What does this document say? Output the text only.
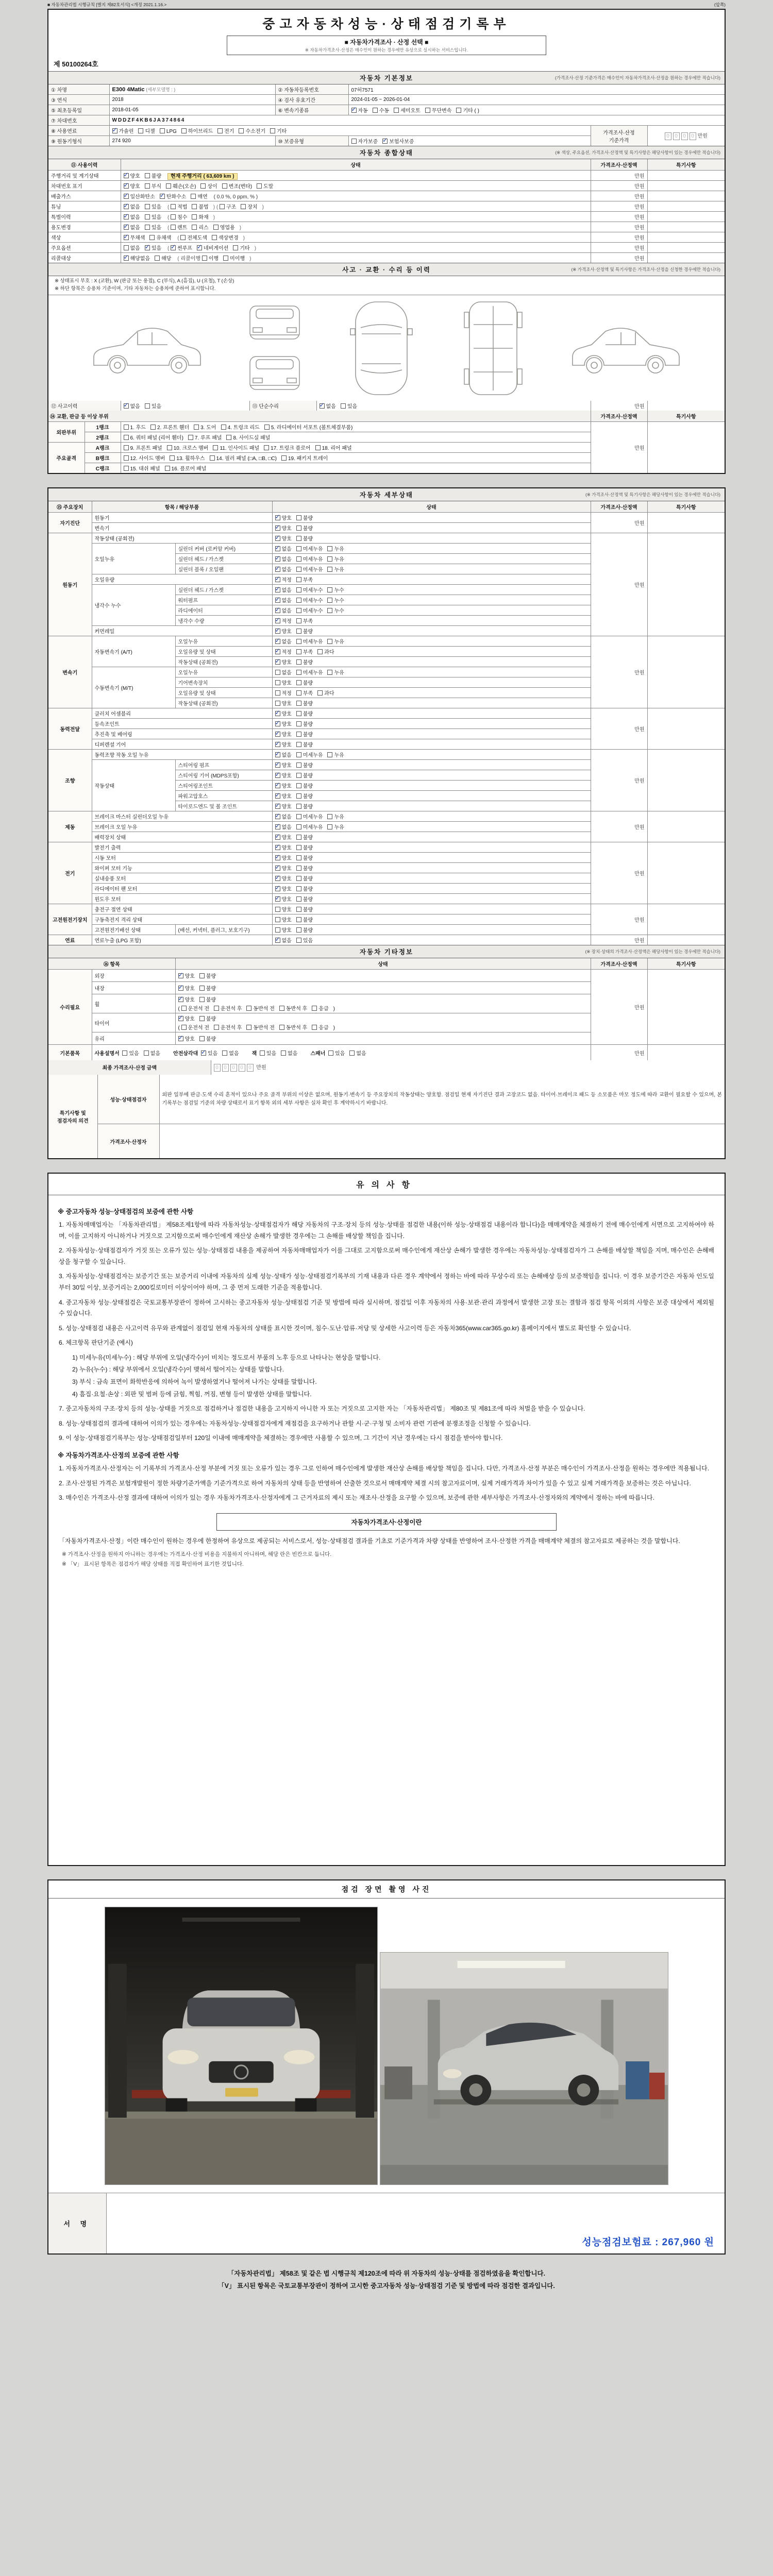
■ 자동차관리법 시행규칙 [별지 제82호서식] <개정 2021.1.16.>	(앞쪽)
중고자동차성능·상태점검기록부
■ 자동차가격조사 · 산정 선택 ■
※ 자동차가격조사·산정은 매수인이 원하는 경우에만 유상으로 실시하는 서비스입니다.
제 50100264호
자동차 기본정보	(가격조사·산정 기준가격은 매수인이 자동차가격조사·산정을 원하는 경우에만 적습니다)
① 차명	E300 4Matic (세부모델명 : )	② 자동차등록번호	07허7571		
③ 연식	2018	④ 검사 유효기간	2024-01-05 ~ 2026-01-04		
⑤ 최초등록일	2018-01-05	⑥ 변속기종류	✓자동 수동 세미오토 무단변속 기타 ( )
⑦ 차대번호	WDDZF4KB6JA374864				
⑧ 사용연료	✓가솔린 디젤 LPG 하이브리드 전기 수소전기 기타			가격조사·산정
기준가격	0 0 0 0 만원
⑨ 원동기형식	274 920	⑩ 보증유형	자가보증 ✓ 보험사보증
자동차 종합상태	(※ 색상, 주요옵션, 가격조사·산정액 및 특기사항은 해당사항이 있는 경우에만 적습니다)
⑪ 사용이력	상태	가격조사·산정액	특기사항
주행거리 및 계기상태	✓양호 불량 현재 주행거리 ( 63,609 km )	만원	
차대번호 표기	✓양호 부식 훼손(오손) 상이 변조(변타) 도말	만원	
배출가스	✓일산화탄소 ✓ 탄화수소 매연 ( 0.0 %, 0 ppm, % )	만원	
튜닝	✓없음 있음 ( 적법 불법 ) ( 구조 장치 )	만원	
특별이력	✓없음 있음 ( 침수 화재 )	만원	
용도변경	✓없음 있음 ( 렌트 리스 영업용 )	만원	
색상	✓무채색 유채색 ( 전체도색 색상변경 )	만원	
주요옵션	없음 ✓ 있음 ( ✓ 썬루프 ✓ 네비게이션 기타 )	만원	
리콜대상	✓해당없음 해당 ( 리콜이행 이행 미이행 )	만원	
사고 · 교환 · 수리 등 이력	(※ 가격조사·산정액 및 특기사항은 가격조사·산정을 신청한 경우에만 적습니다)
※ 상태표시 부호 : X (교환), W (판금 또는 용접), C (부식), A (흠집), U (요철), T (손상)
※ 하단 항목은 승용차 기준이며, 기타 자동차는 승용차에 준하여 표시합니다.
⑫ 사고이력	✓없음 있음	⑬ 단순수리	✓없음 있음	만원	
⑭ 교환, 판금 등 이상 부위			가격조사·산정액	특기사항
외판부위	1랭크	1. 후드 2. 프론트 휀더 3. 도어 4. 트렁크 리드 5. 라디에이터 서포트 (볼트체결부품)	만원	
	2랭크	6. 쿼터 패널 (리어 휀더) 7. 루프 패널 8. 사이드실 패널		
주요골격	A랭크	9. 프론트 패널 10. 크로스 멤버 11. 인사이드 패널 17. 트렁크 플로어 18. 리어 패널		
	B랭크	12. 사이드 멤버 13. 휠하우스 14. 필러 패널 (□A, □B, □C) 19. 패키지 트레이		
	C랭크	15. 대쉬 패널 16. 플로어 패널		
자동차 세부상태	(※ 가격조사·산정액 및 특기사항은 해당사항이 있는 경우에만 적습니다)
⑮ 주요장치	항목 / 해당부품		상태	가격조사·산정액	특기사항
자기진단	원동기	✓양호 불량	만원	
	변속기	✓양호 불량
원동기	작동상태 (공회전)	✓양호 불량	만원	
	오일누유	실린더 커버 (로커암 커버)	✓없음 미세누유 누유
		실린더 헤드 / 가스켓	✓없음 미세누유 누유
		실린더 블록 / 오일팬	✓없음 미세누유 누유
	오일유량	✓적정 부족
	냉각수 누수	실린더 헤드 / 가스켓	✓없음 미세누수 누수
		워터펌프	✓없음 미세누수 누수
		라디에이터	✓없음 미세누수 누수
		냉각수 수량	✓적정 부족
	커먼레일	✓양호 불량
변속기	자동변속기 (A/T)	오일누유	✓없음 미세누유 누유	만원	
		오일유량 및 상태	✓적정 부족 과다
		작동상태 (공회전)	✓양호 불량
	수동변속기 (M/T)	오일누유	없음 미세누유 누유		
		기어변속장치	양호 불량		
		오일유량 및 상태	적정 부족 과다		
		작동상태 (공회전)	양호 불량		
동력전달	클러치 어셈블리	✓양호 불량	만원	
	등속조인트	✓양호 불량
	추진축 및 베어링	✓양호 불량
	디퍼렌셜 기어	✓양호 불량
조향	동력조향 작동 오일 누유	✓없음 미세누유 누유	만원	
	작동상태	스티어링 펌프	✓양호 불량
		스티어링 기어 (MDPS포함)	✓양호 불량
		스티어링조인트	✓양호 불량
		파워고압호스	✓양호 불량
		타이로드엔드 및 볼 조인트	✓양호 불량
제동	브레이크 마스터 실린더오일 누유	✓없음 미세누유 누유	만원	
	브레이크 오일 누유	✓없음 미세누유 누유
	배력장치 상태	✓양호 불량
전기	발전기 출력	✓양호 불량	만원	
	시동 모터	✓양호 불량
	와이퍼 모터 기능	✓양호 불량
	실내송풍 모터	✓양호 불량
	라디에이터 팬 모터	✓양호 불량
	윈도우 모터	✓양호 불량
고전원전기장치	충전구 절연 상태		양호 불량	만원	
	구동축전지 격리 상태		양호 불량		
	고전원전기배선 상태	(배선, 커넥터, 플러그, 보호기구)	양호 불량		
연료	연료누출 (LPG 포함)	✓없음 있음	만원	
자동차 기타정보	(※ 장치·상태의 가격조사·산정액은 해당사항이 있는 경우에만 적습니다)
⑯ 항목		상태	가격조사·산정액	특기사항
수리필요	외장	✓양호 불량	만원	
	내장	✓양호 불량
	휠	✓양호 불량
( 운전석 전 운전석 후 동반석 전 동반석 후 응급 )

	타이어	✓양호 불량
( 운전석 전 운전석 후 동반석 전 동반석 후 응급 )

	유리	✓양호 불량
기본품목	사용설명서 있음 없음 안전삼각대 ✓ 있음 없음 잭 있음 없음 스패너 있음 없음		만원	
최종 가격조사·산정 금액	0 0 0 0 0 만원
특기사항 및 점검자의 의견	성능·상태점검자	외판 일부에 판금·도색 수리 흔적이 있으나 주요 골격 부위의 이상은 없으며, 원동기·변속기 등 주요장치의 작동상태는 양호함. 점검일 현재 자기진단 결과 고장코드 없음. 타이어·브레이크 패드 등 소모품은 마모 정도에 따라 교환이 필요할 수 있으며, 본 기록부는 점검일 기준의 차량 상태로서 표기 항목 외의 세부 사항은 실차 확인 후 계약하시기 바랍니다.
	가격조사·산정자	
유의사항
※ 중고자동차 성능·상태점검의 보증에 관한 사항
1. 자동차매매업자는 「자동차관리법」 제58조제1항에 따라 자동차성능·상태점검자가 해당 자동차의 구조·장치 등의 성능·상태를 점검한 내용(이하 성능·상태점검 내용이라 합니다)을 매매계약을 체결하기 전에 매수인에게 서면으로 고지하여야 하며, 이를 고지하지 아니하거나 거짓으로 고지함으로써 매수인에게 재산상 손해가 발생한 경우에는 그 손해를 배상할 책임을 집니다.
2. 자동차성능·상태점검자가 거짓 또는 오류가 있는 성능·상태점검 내용을 제공하여 자동차매매업자가 이를 그대로 고지함으로써 매수인에게 재산상 손해가 발생한 경우에는 자동차성능·상태점검자가 그 손해를 배상할 책임을 지며, 매수인은 손해배상을 청구할 수 있습니다.
3. 자동차성능·상태점검자는 보증기간 또는 보증거리 이내에 자동차의 실제 성능·상태가 성능·상태점검기록부의 기재 내용과 다른 경우 계약에서 정하는 바에 따라 무상수리 또는 손해배상 등의 보증책임을 집니다. 이 경우 보증기간은 자동차 인도일부터 30일 이상, 보증거리는 2,000킬로미터 이상이어야 하며, 그 중 먼저 도래한 기준을 적용합니다.
4. 중고자동차 성능·상태점검은 국토교통부장관이 정하여 고시하는 중고자동차 성능·상태점검 기준 및 방법에 따라 실시하며, 점검일 이후 자동차의 사용·보관·관리 과정에서 발생한 고장 또는 결함과 점검 항목 이외의 사항은 보증 대상에서 제외될 수 있습니다.
5. 성능·상태점검 내용은 사고이력 유무와 관계없이 점검일 현재 자동차의 상태를 표시한 것이며, 침수·도난·압류·저당 및 상세한 사고이력 등은 자동차365(www.car365.go.kr) 홈페이지에서 별도로 확인할 수 있습니다.
6. 체크항목 판단기준 (예시)
1) 미세누유(미세누수) : 해당 부위에 오일(냉각수)이 비치는 정도로서 부품의 노후 등으로 나타나는 현상을 말합니다.
2) 누유(누수) : 해당 부위에서 오일(냉각수)이 맺혀서 떨어지는 상태를 말합니다.
3) 부식 : 금속 표면이 화학반응에 의하여 녹이 발생하였거나 떨어져 나가는 상태를 말합니다.
4) 흠집·요철·손상 : 외판 및 범퍼 등에 긁힘, 찍힘, 꺼짐, 변형 등이 발생한 상태를 말합니다.
7. 중고자동차의 구조·장치 등의 성능·상태를 거짓으로 점검하거나 점검한 내용을 고지하지 아니한 자 또는 거짓으로 고지한 자는 「자동차관리법」 제80조 및 제81조에 따라 처벌을 받을 수 있습니다.
8. 성능·상태점검의 결과에 대하여 이의가 있는 경우에는 자동차성능·상태점검자에게 재점검을 요구하거나 관할 시·군·구청 및 소비자 관련 기관에 분쟁조정을 신청할 수 있습니다.
9. 이 성능·상태점검기록부는 성능·상태점검일부터 120일 이내에 매매계약을 체결하는 경우에만 사용할 수 있으며, 그 기간이 지난 경우에는 다시 점검을 받아야 합니다.
※ 자동차가격조사·산정의 보증에 관한 사항
1. 자동차가격조사·산정자는 이 기록부의 가격조사·산정 부분에 거짓 또는 오류가 있는 경우 그로 인하여 매수인에게 발생한 재산상 손해를 배상할 책임을 집니다. 다만, 가격조사·산정 부분은 매수인이 가격조사·산정을 원하는 경우에만 적용됩니다.
2. 조사·산정된 가격은 보험개발원이 정한 차량기준가액을 기준가격으로 하여 자동차의 상태 등을 반영하여 산출한 것으로서 매매계약 체결 시의 참고자료이며, 실제 거래가격과 차이가 있을 수 있고 실제 거래가격을 보증하는 것은 아닙니다.
3. 매수인은 가격조사·산정 결과에 대하여 이의가 있는 경우 자동차가격조사·산정자에게 그 근거자료의 제시 또는 재조사·산정을 요구할 수 있으며, 보증에 관한 세부사항은 가격조사·산정자와의 계약에서 정하는 바에 따릅니다.
자동차가격조사·산정이란
「자동차가격조사·산정」이란 매수인이 원하는 경우에 한정하여 유상으로 제공되는 서비스로서, 성능·상태점검 결과를 기초로 기준가격과 차량 상태를 반영하여 조사·산정한 가격을 매매계약 체결의 참고자료로 제공하는 것을 말합니다.
※ 가격조사·산정을 원하지 아니하는 경우에는 가격조사·산정 비용을 지불하지 아니하며, 해당 란은 빈칸으로 둡니다.
※ 「V」 표시된 항목은 점검자가 해당 상태를 직접 확인하여 표기한 것입니다.
점검 장면 촬영 사진

서 명	
성능점검보험료 : 267,960 원
「자동차관리법」 제58조 및 같은 법 시행규칙 제120조에 따라 위 자동차의 성능·상태를 점검하였음을 확인합니다.
「V」 표시된 항목은 국토교통부장관이 정하여 고시한 중고자동차 성능·상태점검 기준 및 방법에 따라 점검한 결과입니다.
